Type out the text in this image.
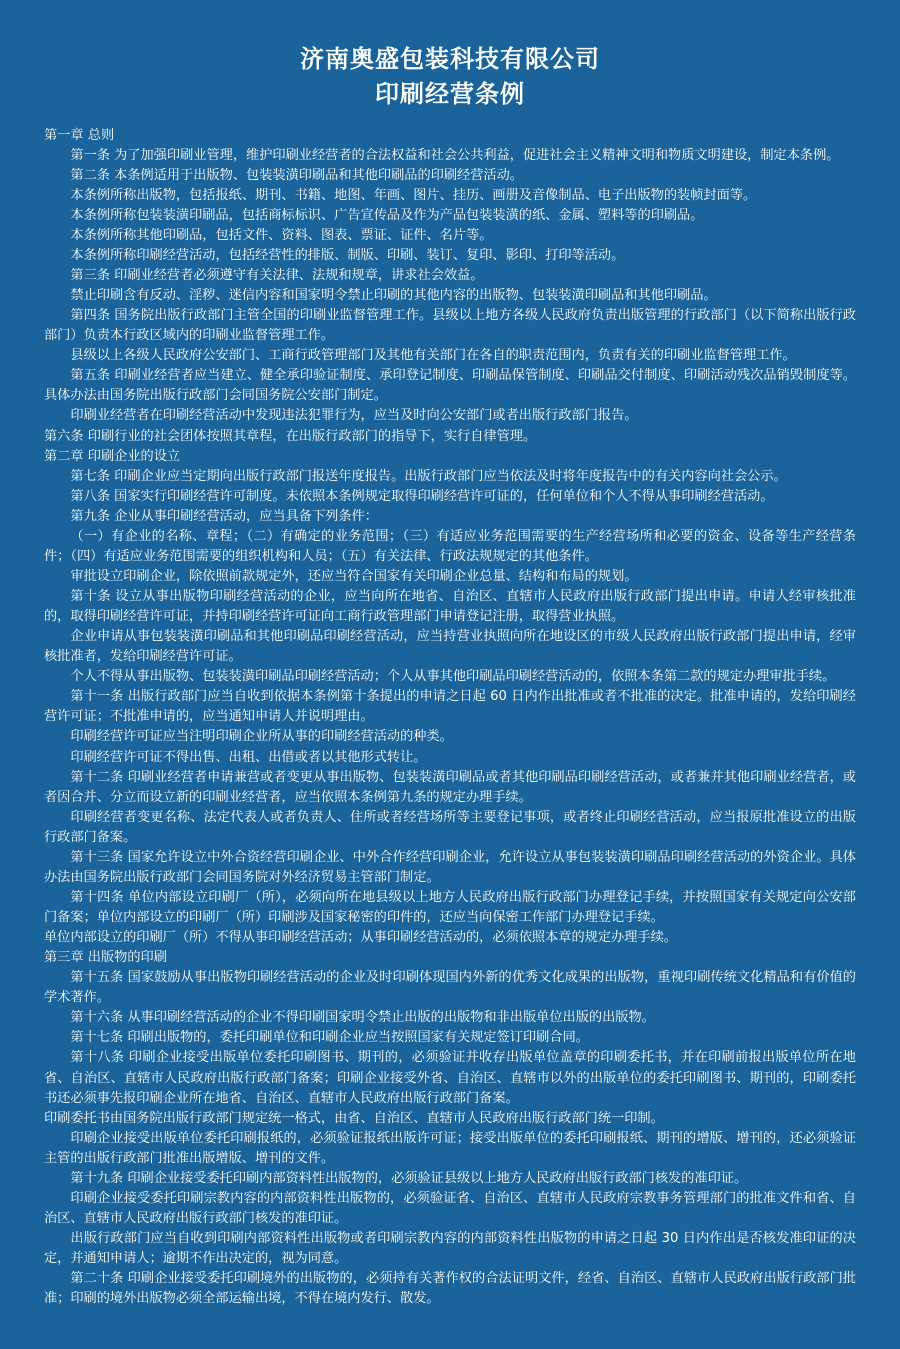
济南奥盛包装科技有限公司
印刷经营条例

第一章 总则

第一条 为了加强印刷业管理，维护印刷业经营者的合法权益和社会公共利益，促进社会主义精神文明和物质文明建设，制定本条例。

第二条 本条例适用于出版物、包装装潢印刷品和其他印刷品的印刷经营活动。

本条例所称出版物，包括报纸、期刊、书籍、地图、年画、图片、挂历、画册及音像制品、电子出版物的装帧封面等。

本条例所称包装装潢印刷品，包括商标标识、广告宣传品及作为产品包装装潢的纸、金属、塑料等的印刷品。

本条例所称其他印刷品，包括文件、资料、图表、票证、证件、名片等。

本条例所称印刷经营活动，包括经营性的排版、制版、印刷、装订、复印、影印、打印等活动。

第三条 印刷业经营者必须遵守有关法律、法规和规章，讲求社会效益。

禁止印刷含有反动、淫秽、迷信内容和国家明令禁止印刷的其他内容的出版物、包装装潢印刷品和其他印刷品。

第四条 国务院出版行政部门主管全国的印刷业监督管理工作。县级以上地方各级人民政府负责出版管理的行政部门（以下简称出版行政部门）负责本行政区域内的印刷业监督管理工作。

县级以上各级人民政府公安部门、工商行政管理部门及其他有关部门在各自的职责范围内，负责有关的印刷业监督管理工作。

第五条 印刷业经营者应当建立、健全承印验证制度、承印登记制度、印刷品保管制度、印刷品交付制度、印刷活动残次品销毁制度等。具体办法由国务院出版行政部门会同国务院公安部门制定。

印刷业经营者在印刷经营活动中发现违法犯罪行为，应当及时向公安部门或者出版行政部门报告。

第六条 印刷行业的社会团体按照其章程，在出版行政部门的指导下，实行自律管理。

第二章 印刷企业的设立

第七条 印刷企业应当定期向出版行政部门报送年度报告。出版行政部门应当依法及时将年度报告中的有关内容向社会公示。

第八条 国家实行印刷经营许可制度。未依照本条例规定取得印刷经营许可证的，任何单位和个人不得从事印刷经营活动。

第九条 企业从事印刷经营活动，应当具备下列条件：

（一）有企业的名称、章程；（二）有确定的业务范围；（三）有适应业务范围需要的生产经营场所和必要的资金、设备等生产经营条件；（四）有适应业务范围需要的组织机构和人员；（五）有关法律、行政法规规定的其他条件。

审批设立印刷企业，除依照前款规定外，还应当符合国家有关印刷企业总量、结构和布局的规划。

第十条 设立从事出版物印刷经营活动的企业，应当向所在地省、自治区、直辖市人民政府出版行政部门提出申请。申请人经审核批准的，取得印刷经营许可证，并持印刷经营许可证向工商行政管理部门申请登记注册，取得营业执照。

企业申请从事包装装潢印刷品和其他印刷品印刷经营活动，应当持营业执照向所在地设区的市级人民政府出版行政部门提出申请，经审核批准者，发给印刷经营许可证。

个人不得从事出版物、包装装潢印刷品印刷经营活动；个人从事其他印刷品印刷经营活动的，依照本条第二款的规定办理审批手续。

第十一条 出版行政部门应当自收到依据本条例第十条提出的申请之日起 60 日内作出批准或者不批准的决定。批准申请的，发给印刷经营许可证；不批准申请的，应当通知申请人并说明理由。

印刷经营许可证应当注明印刷企业所从事的印刷经营活动的种类。

印刷经营许可证不得出售、出租、出借或者以其他形式转让。

第十二条 印刷业经营者申请兼营或者变更从事出版物、包装装潢印刷品或者其他印刷品印刷经营活动，或者兼并其他印刷业经营者，或者因合并、分立而设立新的印刷业经营者，应当依照本条例第九条的规定办理手续。

印刷经营者变更名称、法定代表人或者负责人、住所或者经营场所等主要登记事项，或者终止印刷经营活动，应当报原批准设立的出版行政部门备案。

第十三条 国家允许设立中外合资经营印刷企业、中外合作经营印刷企业，允许设立从事包装装潢印刷品印刷经营活动的外资企业。具体办法由国务院出版行政部门会同国务院对外经济贸易主管部门制定。

第十四条 单位内部设立印刷厂（所），必须向所在地县级以上地方人民政府出版行政部门办理登记手续，并按照国家有关规定向公安部门备案；单位内部设立的印刷厂（所）印刷涉及国家秘密的印件的，还应当向保密工作部门办理登记手续。

单位内部设立的印刷厂（所）不得从事印刷经营活动；从事印刷经营活动的，必须依照本章的规定办理手续。

第三章 出版物的印刷

第十五条 国家鼓励从事出版物印刷经营活动的企业及时印刷体现国内外新的优秀文化成果的出版物，重视印刷传统文化精品和有价值的学术著作。

第十六条 从事印刷经营活动的企业不得印刷国家明令禁止出版的出版物和非出版单位出版的出版物。

第十七条 印刷出版物的，委托印刷单位和印刷企业应当按照国家有关规定签订印刷合同。

第十八条 印刷企业接受出版单位委托印刷图书、期刊的，必须验证并收存出版单位盖章的印刷委托书，并在印刷前报出版单位所在地省、自治区、直辖市人民政府出版行政部门备案；印刷企业接受外省、自治区、直辖市以外的出版单位的委托印刷图书、期刊的，印刷委托书还必须事先报印刷企业所在地省、自治区、直辖市人民政府出版行政部门备案。

印刷委托书由国务院出版行政部门规定统一格式，由省、自治区、直辖市人民政府出版行政部门统一印制。

印刷企业接受出版单位委托印刷报纸的，必须验证报纸出版许可证；接受出版单位的委托印刷报纸、期刊的增版、增刊的，还必须验证主管的出版行政部门批准出版增版、增刊的文件。

第十九条 印刷企业接受委托印刷内部资料性出版物的，必须验证县级以上地方人民政府出版行政部门核发的准印证。

印刷企业接受委托印刷宗教内容的内部资料性出版物的，必须验证省、自治区、直辖市人民政府宗教事务管理部门的批准文件和省、自治区、直辖市人民政府出版行政部门核发的准印证。

出版行政部门应当自收到印刷内部资料性出版物或者印刷宗教内容的内部资料性出版物的申请之日起 30 日内作出是否核发准印证的决定，并通知申请人；逾期不作出决定的，视为同意。

第二十条 印刷企业接受委托印刷境外的出版物的，必须持有关著作权的合法证明文件，经省、自治区、直辖市人民政府出版行政部门批准；印刷的境外出版物必须全部运输出境，不得在境内发行、散发。
